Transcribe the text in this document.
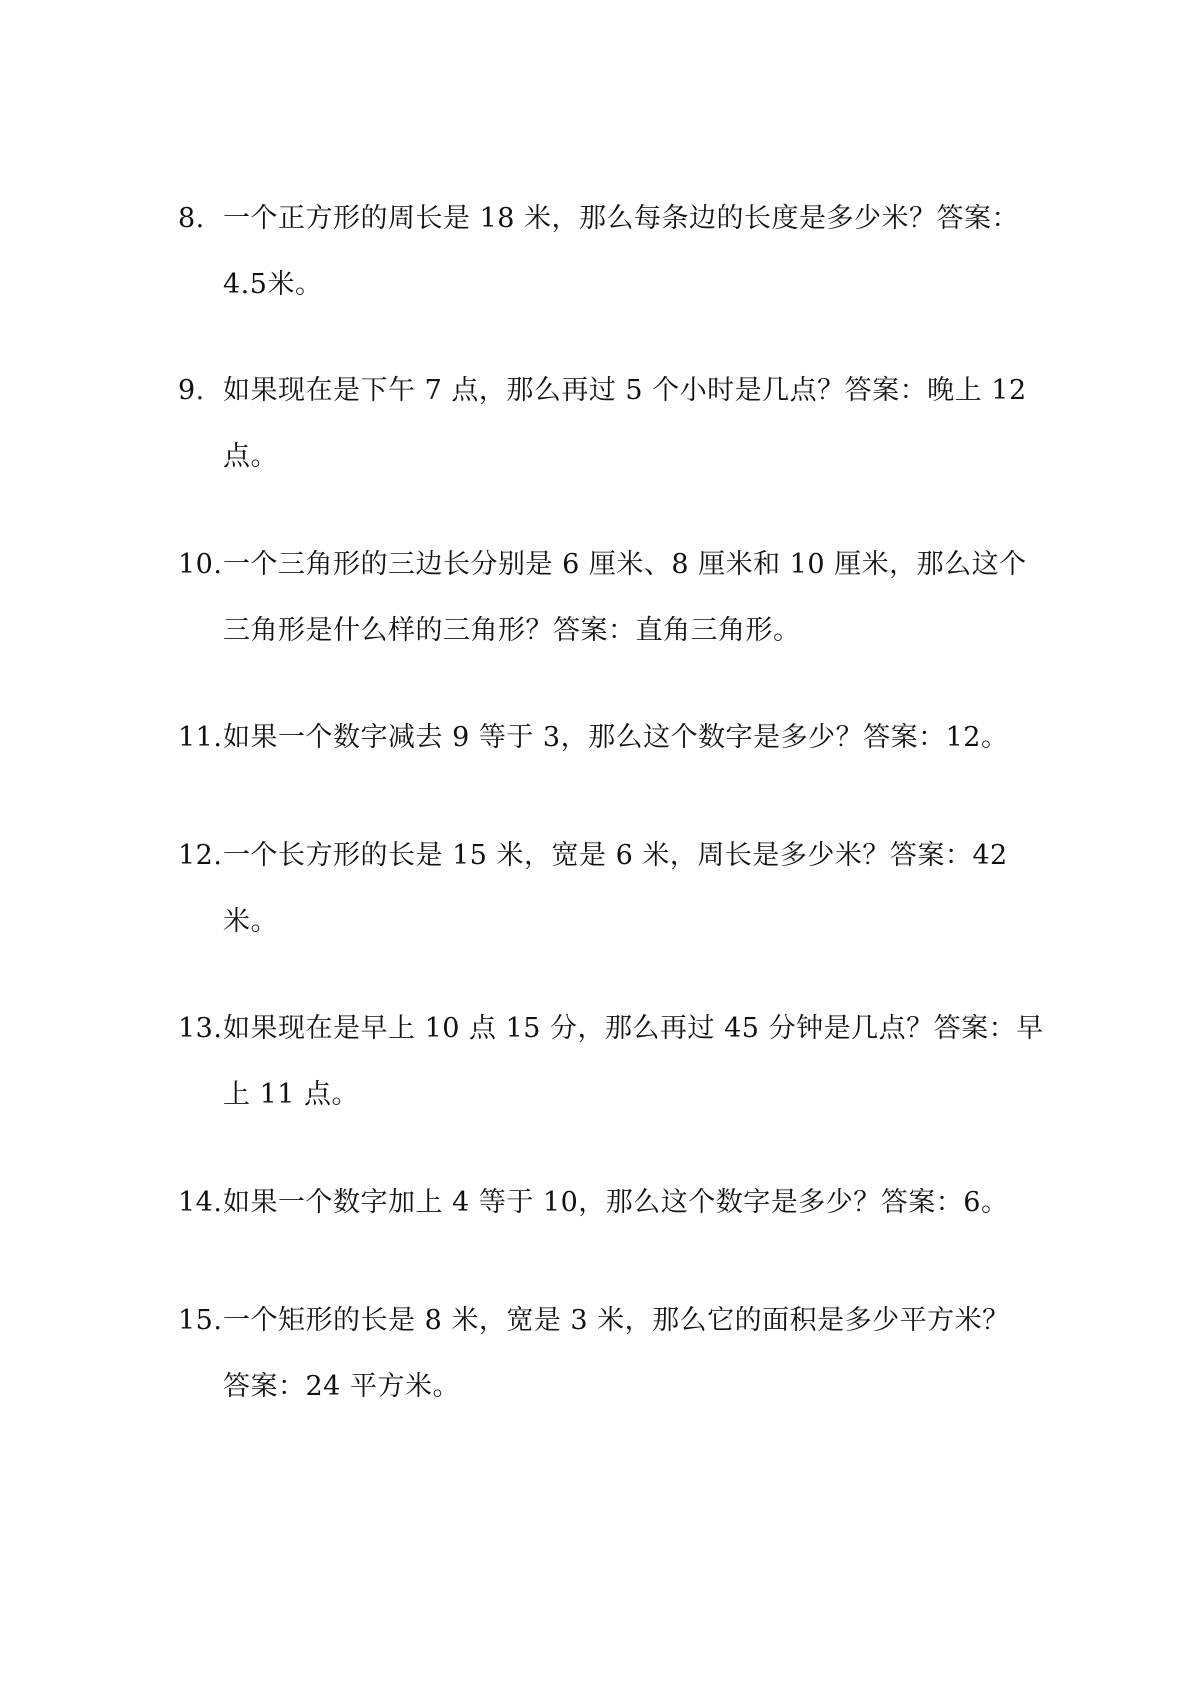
8. 一个正方形的周长是 18 米，那么每条边的长度是多少米？答案：
4.5米。
9. 如果现在是下午 7 点，那么再过 5 个小时是几点？答案：晚上 12
点。
10. 一个三角形的三边长分别是 6 厘米、8 厘米和 10 厘米，那么这个
三角形是什么样的三角形？答案：直角三角形。
11. 如果一个数字减去 9 等于 3，那么这个数字是多少？答案：12。
12. 一个长方形的长是 15 米，宽是 6 米，周长是多少米？答案：42
米。
13. 如果现在是早上 10 点 15 分，那么再过 45 分钟是几点？答案：早
上 11 点。
14. 如果一个数字加上 4 等于 10，那么这个数字是多少？答案：6。
15. 一个矩形的长是 8 米，宽是 3 米，那么它的面积是多少平方米？
答案：24 平方米。
